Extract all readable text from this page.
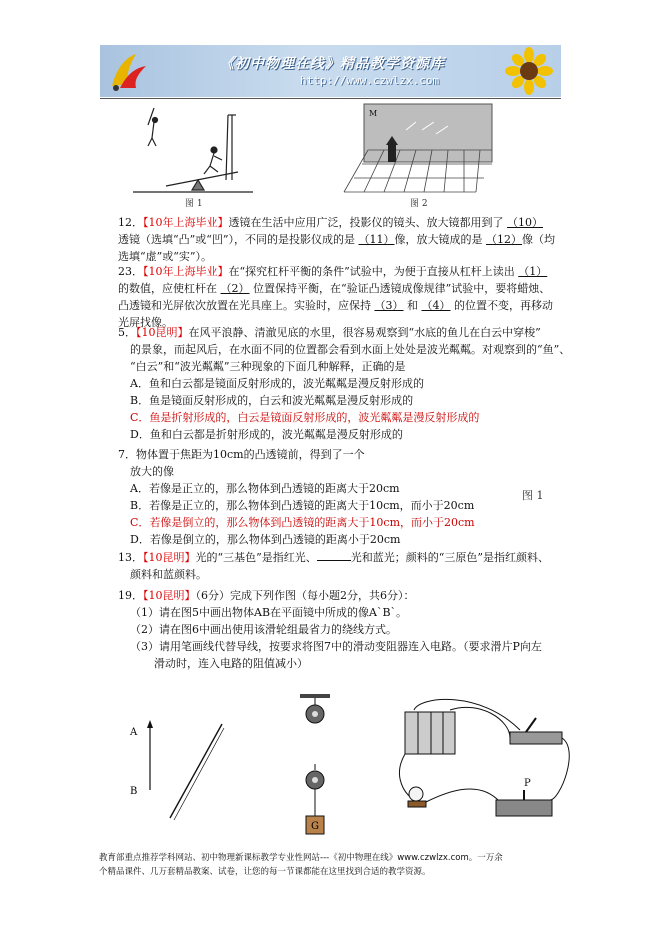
《初中物理在线》精品教学资源库
http://www.czwlzx.com
图 1
M
图 2
12．【10年上海毕业】透镜在生活中应用广泛，投影仪的镜头、放大镜都用到了 （10）
透镜（选填“凸”或“凹”），不同的是投影仪成的是 （11）像，放大镜成的是 （12）像（均
选填“虚”或“实”）。
23．【10年上海毕业】在“探究杠杆平衡的条件”试验中，为便于直接从杠杆上读出 （1）
的数值，应使杠杆在 （2） 位置保持平衡，在“验证凸透镜成像规律”试验中，要将蜡烛、
凸透镜和光屏依次放置在光具座上。实验时，应保持 （3） 和 （4） 的位置不变，再移动
光屏找像。
5．【10昆明】在风平浪静、清澈见底的水里，很容易观察到“水底的鱼儿在白云中穿梭”
的景象，而起风后，在水面不同的位置都会看到水面上处处是波光粼粼。对观察到的“鱼”、
“白云”和“波光粼粼”三种现象的下面几种解释，正确的是
A．鱼和白云都是镜面反射形成的，波光粼粼是漫反射形成的
B．鱼是镜面反射形成的，白云和波光粼粼是漫反射形成的
C．鱼是折射形成的，白云是镜面反射形成的，波光粼粼是漫反射形成的
D．鱼和白云都是折射形成的，波光粼粼是漫反射形成的
7．物体置于焦距为10cm的凸透镜前，得到了一个
放大的像
A．若像是正立的，那么物体到凸透镜的距离大于20cm
B．若像是正立的，那么物体到凸透镜的距离大于10cm，而小于20cm
C．若像是倒立的，那么物体到凸透镜的距离大于10cm，而小于20cm
D．若像是倒立的，那么物体到凸透镜的距离小于20cm
图 1
13．【10昆明】光的“三基色”是指红光、	光和蓝光；颜料的“三原色”是指红颜料、
颜料和蓝颜料。
19．【10昆明】（6分）完成下列作图（每小题2分，共6分）：
（1）请在图5中画出物体AB在平面镜中所成的像A`B`。
（2）请在图6中画出使用该滑轮组最省力的绕线方式。
（3）请用笔画线代替导线，按要求将图7中的滑动变阻器连入电路。（要求滑片P向左
滑动时，连入电路的阻值减小）
A
B
G
P
教育部重点推荐学科网站、初中物理新课标教学专业性网站---《初中物理在线》www.czwlzx.com。一万余
个精品课件、几万套精品教案、试卷，让您的每一节课都能在这里找到合适的教学资源。
